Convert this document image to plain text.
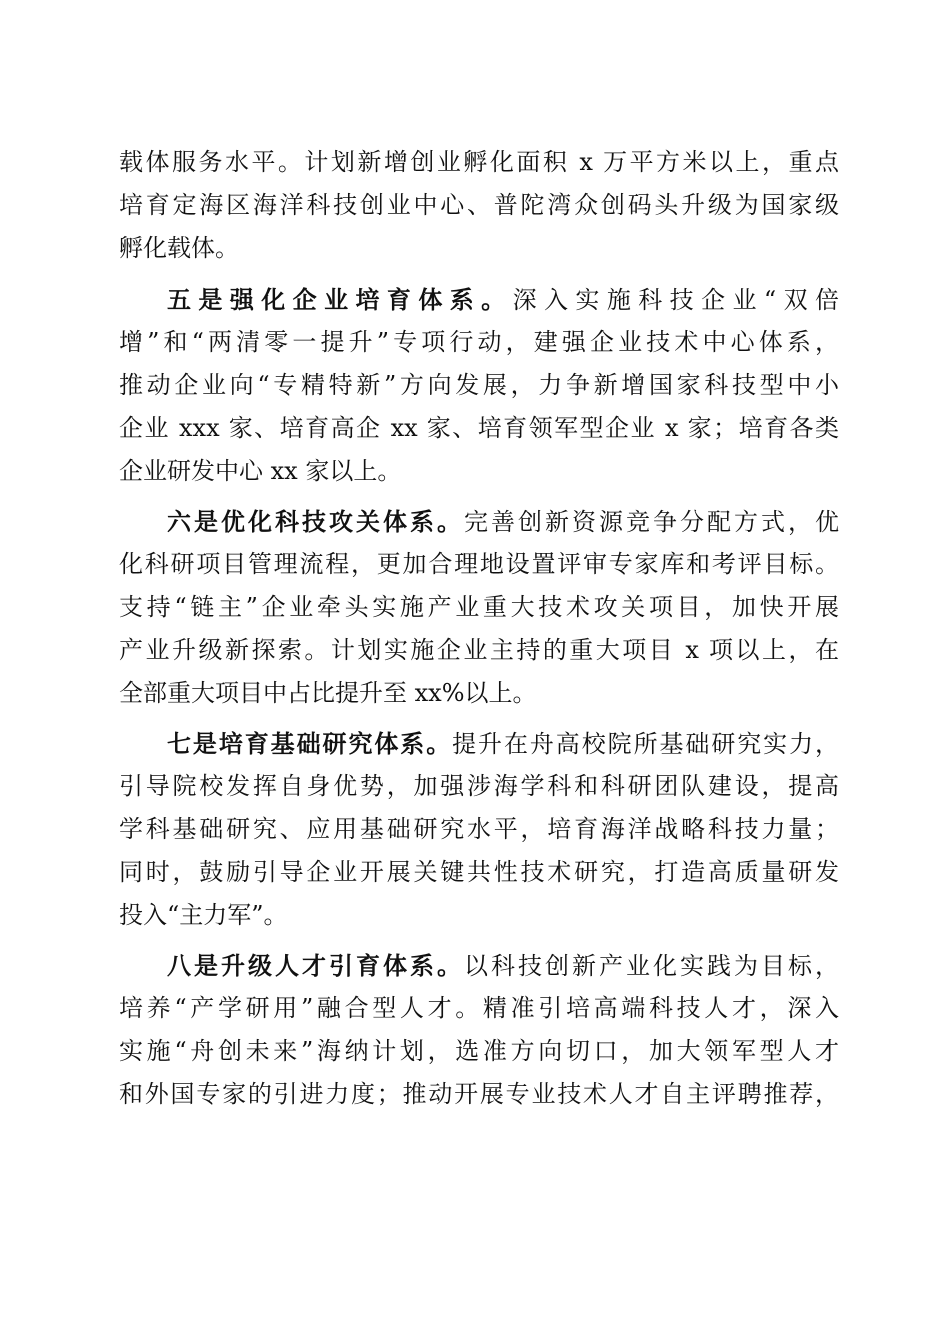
载体服务水平。计划新增创业孵化面积 x 万平方米以上，重点
培育定海区海洋科技创业中心、普陀湾众创码头升级为国家级
孵化载体。
五是强化企业培育体系。深入实施科技企业“双倍
增”和“两清零一提升”专项行动，建强企业技术中心体系，
推动企业向“专精特新”方向发展，力争新增国家科技型中小
企业 xxx 家、培育高企 xx 家、培育领军型企业 x 家；培育各类
企业研发中心 xx 家以上。
六是优化科技攻关体系。完善创新资源竞争分配方式，优
化科研项目管理流程，更加合理地设置评审专家库和考评目标。
支持“链主”企业牵头实施产业重大技术攻关项目，加快开展
产业升级新探索。计划实施企业主持的重大项目 x 项以上，在
全部重大项目中占比提升至 xx%以上。
七是培育基础研究体系。提升在舟高校院所基础研究实力，
引导院校发挥自身优势，加强涉海学科和科研团队建设，提高
学科基础研究、应用基础研究水平，培育海洋战略科技力量；
同时，鼓励引导企业开展关键共性技术研究，打造高质量研发
投入“主力军”。
八是升级人才引育体系。以科技创新产业化实践为目标，
培养“产学研用”融合型人才。精准引培高端科技人才，深入
实施“舟创未来”海纳计划，选准方向切口，加大领军型人才
和外国专家的引进力度；推动开展专业技术人才自主评聘推荐，
